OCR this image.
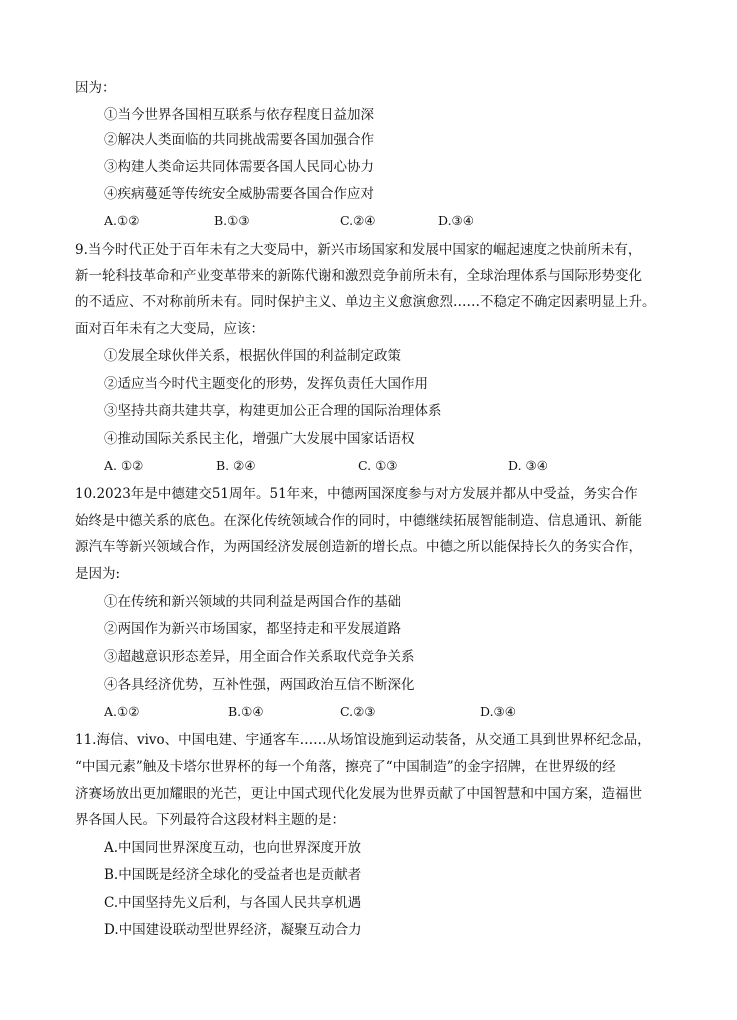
因为：
①当今世界各国相互联系与依存程度日益加深
②解决人类面临的共同挑战需要各国加强合作
③构建人类命运共同体需要各国人民同心协力
④疾病蔓延等传统安全威胁需要各国合作应对
A.①②	B.①③	C.②④	D.③④
9.当今时代正处于百年未有之大变局中，新兴市场国家和发展中国家的崛起速度之快前所未有，
新一轮科技革命和产业变革带来的新陈代谢和激烈竞争前所未有，全球治理体系与国际形势变化
的不适应、不对称前所未有。同时保护主义、单边主义愈演愈烈……不稳定不确定因素明显上升。
面对百年未有之大变局，应该：
①发展全球伙伴关系，根据伙伴国的利益制定政策
②适应当今时代主题变化的形势，发挥负责任大国作用
③坚持共商共建共享，构建更加公正合理的国际治理体系
④推动国际关系民主化，增强广大发展中国家话语权
A. ①②	B. ②④	C. ①③	D. ③④
10.2023年是中德建交51周年。51年来，中德两国深度参与对方发展并都从中受益，务实合作
始终是中德关系的底色。在深化传统领域合作的同时，中德继续拓展智能制造、信息通讯、新能
源汽车等新兴领域合作，为两国经济发展创造新的增长点。中德之所以能保持长久的务实合作，
是因为:
①在传统和新兴领域的共同利益是两国合作的基础
②两国作为新兴市场国家，都坚持走和平发展道路
③超越意识形态差异，用全面合作关系取代竞争关系
④各具经济优势，互补性强，两国政治互信不断深化
A.①②	B.①④	C.②③	D.③④
11.海信、vivo、中国电建、宇通客车……从场馆设施到运动装备，从交通工具到世界杯纪念品，
“中国元素”触及卡塔尔世界杯的每一个角落，擦亮了“中国制造”的金字招牌，在世界级的经
济赛场放出更加耀眼的光芒，更让中国式现代化发展为世界贡献了中国智慧和中国方案，造福世
界各国人民。下列最符合这段材料主题的是：
A.中国同世界深度互动，也向世界深度开放
B.中国既是经济全球化的受益者也是贡献者
C.中国坚持先义后利，与各国人民共享机遇
D.中国建设联动型世界经济，凝聚互动合力
